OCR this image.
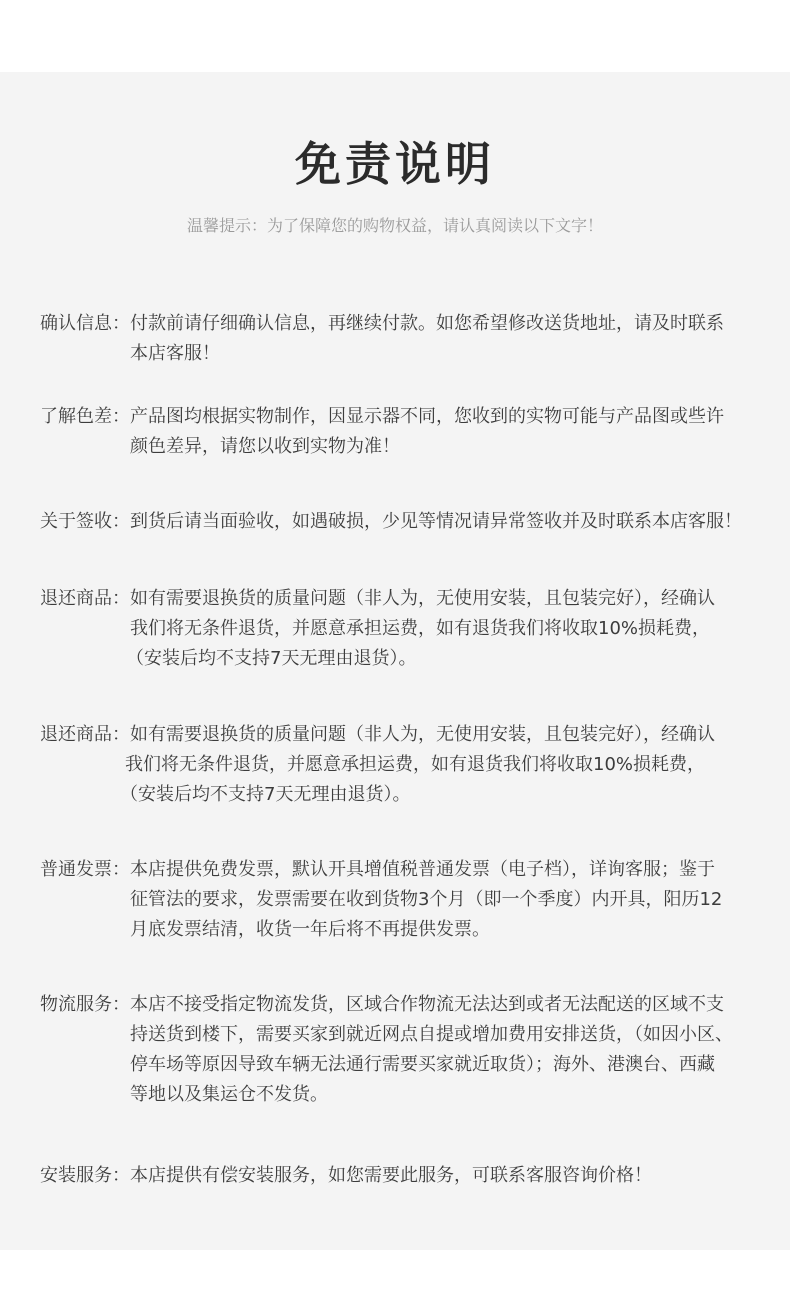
免责说明
温馨提示：为了保障您的购物权益，请认真阅读以下文字！
确认信息： 付款前请仔细确认信息，再继续付款。如您希望修改送货地址，请及时联系
本店客服！
了解色差： 产品图均根据实物制作，因显示器不同，您收到的实物可能与产品图或些许
颜色差异，请您以收到实物为准！
关于签收： 到货后请当面验收，如遇破损，少见等情况请异常签收并及时联系本店客服！
退还商品： 如有需要退换货的质量问题（非人为，无使用安装，且包装完好），经确认
我们将无条件退货，并愿意承担运费，如有退货我们将收取10%损耗费，
（安装后均不支持7天无理由退货）。
退还商品： 如有需要退换货的质量问题（非人为，无使用安装，且包装完好），经确认
我们将无条件退货，并愿意承担运费，如有退货我们将收取10%损耗费，
（安装后均不支持7天无理由退货）。
普通发票： 本店提供免费发票，默认开具增值税普通发票（电子档），详询客服；鉴于
征管法的要求，发票需要在收到货物3个月（即一个季度）内开具，阳历12
月底发票结清，收货一年后将不再提供发票。
物流服务： 本店不接受指定物流发货，区域合作物流无法达到或者无法配送的区域不支
持送货到楼下，需要买家到就近网点自提或增加费用安排送货，（如因小区、
停车场等原因导致车辆无法通行需要买家就近取货）；海外、港澳台、西藏
等地以及集运仓不发货。
安装服务： 本店提供有偿安装服务，如您需要此服务，可联系客服咨询价格！
